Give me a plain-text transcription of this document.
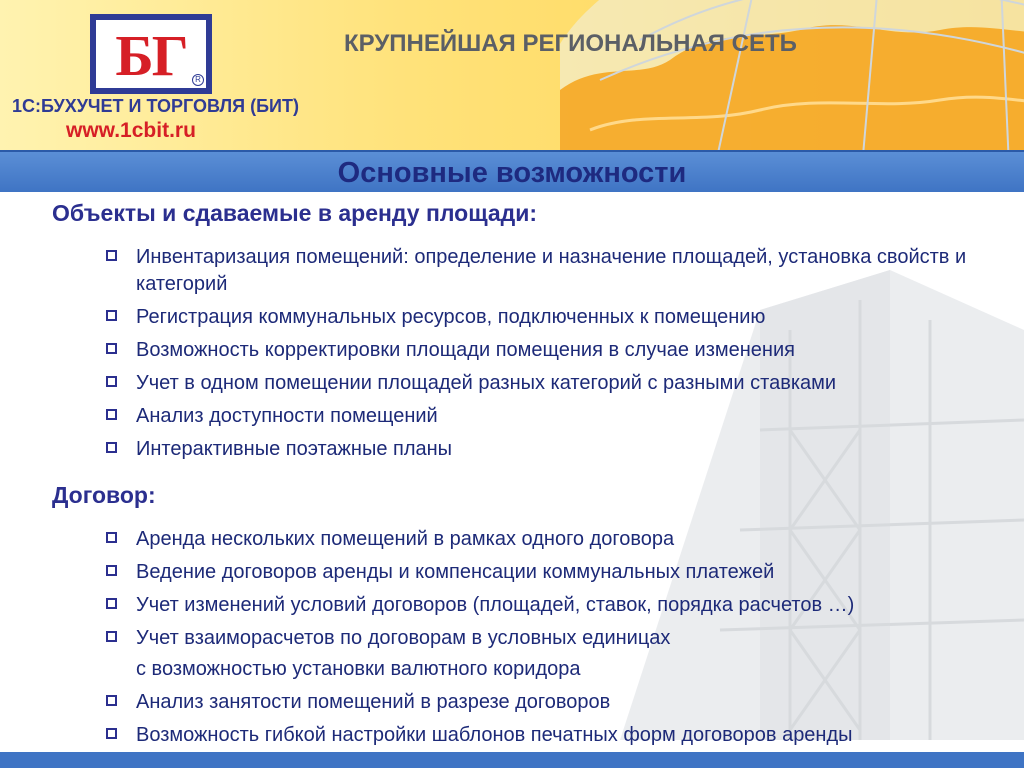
БГ	R
1С:БУХУЧЕТ И ТОРГОВЛЯ (БИТ)
www.1cbit.ru
КРУПНЕЙШАЯ РЕГИОНАЛЬНАЯ СЕТЬ
Основные возможности
Объекты и сдаваемые в аренду площади:
Инвентаризация помещений: определение и назначение площадей, установка свойств и категорий
Регистрация коммунальных ресурсов, подключенных к помещению
Возможность корректировки площади помещения в случае изменения
Учет в одном помещении площадей разных категорий с разными ставками
Анализ доступности помещений
Интерактивные поэтажные планы
Договор:
Аренда нескольких помещений в рамках одного договора
Ведение договоров аренды и компенсации коммунальных платежей
Учет изменений условий договоров (площадей, ставок, порядка расчетов …)
Учет взаиморасчетов по договорам в условных единицах
с возможностью установки валютного коридора
Анализ занятости помещений в разрезе договоров
Возможность гибкой настройки шаблонов печатных форм договоров аренды
